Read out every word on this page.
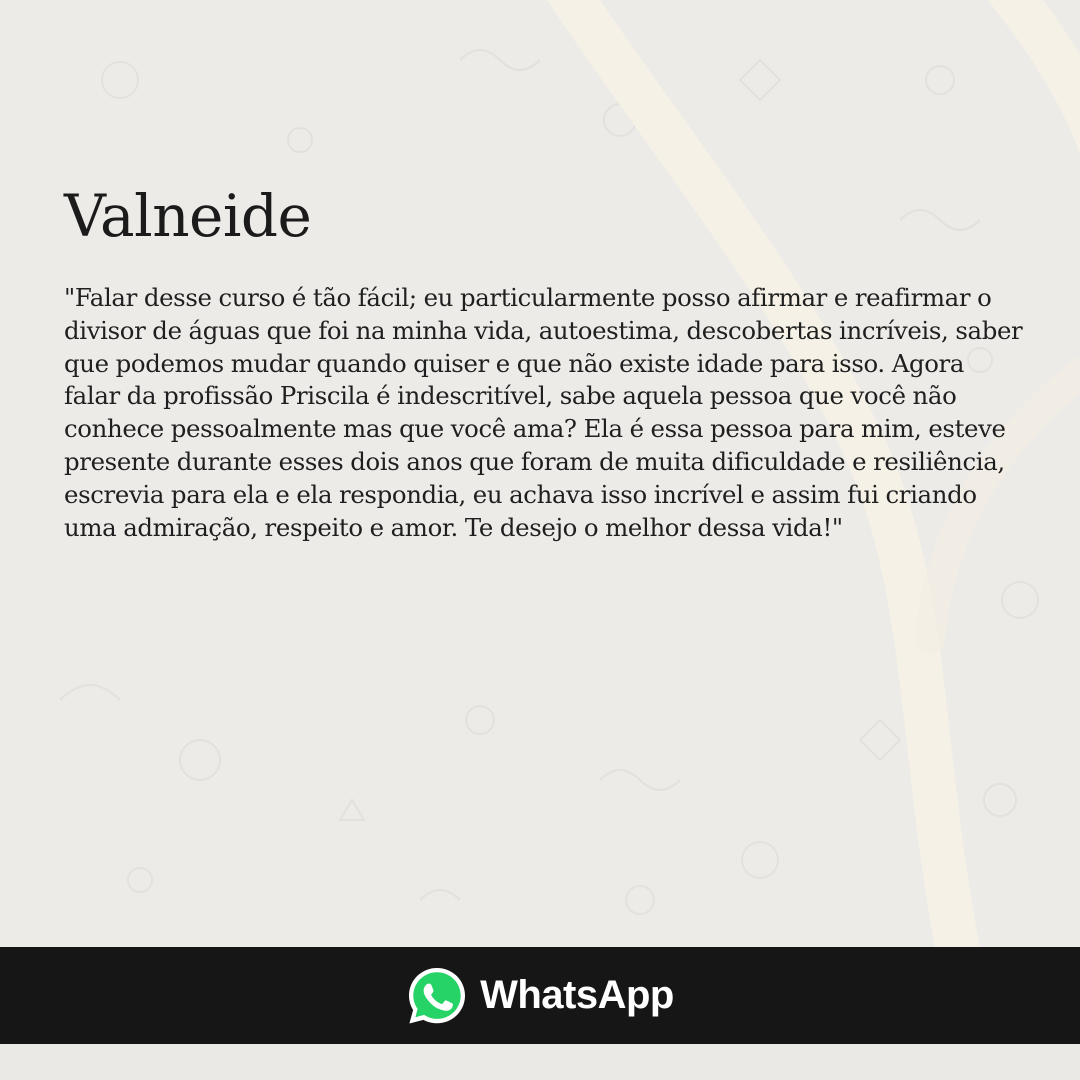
Valneide

"Falar desse curso é tão fácil; eu particularmente posso afirmar e reafirmar o divisor de águas que foi na minha vida, autoestima, descobertas incríveis, saber que podemos mudar quando quiser e que não existe idade para isso. Agora falar da profissão Priscila é indescritível, sabe aquela pessoa que você não conhece pessoalmente mas que você ama? Ela é essa pessoa para mim, esteve presente durante esses dois anos que foram de muita dificuldade e resiliência, escrevia para ela e ela respondia, eu achava isso incrível e assim fui criando uma admiração, respeito e amor. Te desejo o melhor dessa vida!"

WhatsApp
